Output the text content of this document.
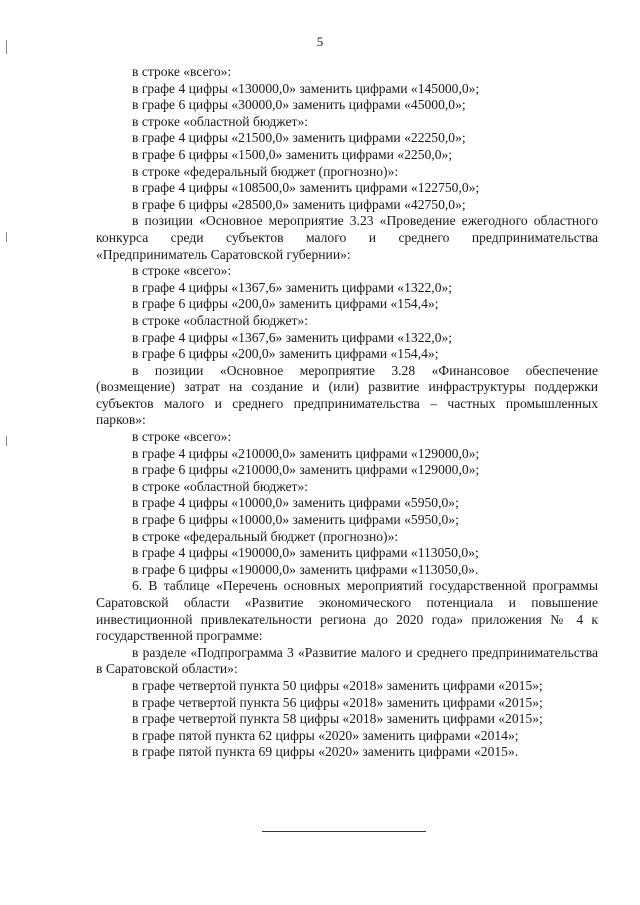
5

в строке «всего»:

в графе 4 цифры «130000,0» заменить цифрами «145000,0»;

в графе 6 цифры «30000,0» заменить цифрами «45000,0»;

в строке «областной бюджет»:

в графе 4 цифры «21500,0» заменить цифрами «22250,0»;

в графе 6 цифры «1500,0» заменить цифрами «2250,0»;

в строке «федеральный бюджет (прогнозно)»:

в графе 4 цифры «108500,0» заменить цифрами «122750,0»;

в графе 6 цифры «28500,0» заменить цифрами «42750,0»;

в позиции «Основное мероприятие 3.23 «Проведение ежегодного областного конкурса среди субъектов малого и среднего предпринимательства «Предприниматель Саратовской губернии»:

в строке «всего»:

в графе 4 цифры «1367,6» заменить цифрами «1322,0»;

в графе 6 цифры «200,0» заменить цифрами «154,4»;

в строке «областной бюджет»:

в графе 4 цифры «1367,6» заменить цифрами «1322,0»;

в графе 6 цифры «200,0» заменить цифрами «154,4»;

в позиции «Основное мероприятие 3.28 «Финансовое обеспечение (возмещение) затрат на создание и (или) развитие инфраструктуры поддержки субъектов малого и среднего предпринимательства – частных промышленных парков»:

в строке «всего»:

в графе 4 цифры «210000,0» заменить цифрами «129000,0»;

в графе 6 цифры «210000,0» заменить цифрами «129000,0»;

в строке «областной бюджет»:

в графе 4 цифры «10000,0» заменить цифрами «5950,0»;

в графе 6 цифры «10000,0» заменить цифрами «5950,0»;

в строке «федеральный бюджет (прогнозно)»:

в графе 4 цифры «190000,0» заменить цифрами «113050,0»;

в графе 6 цифры «190000,0» заменить цифрами «113050,0».

6. В таблице «Перечень основных мероприятий государственной программы Саратовской области «Развитие экономического потенциала и повышение инвестиционной привлекательности региона до 2020 года» приложения № 4 к государственной программе:

в разделе «Подпрограмма 3 «Развитие малого и среднего предпринимательства в Саратовской области»:

в графе четвертой пункта 50 цифры «2018» заменить цифрами «2015»;

в графе четвертой пункта 56 цифры «2018» заменить цифрами «2015»;

в графе четвертой пункта 58 цифры «2018» заменить цифрами «2015»;

в графе пятой пункта 62 цифры «2020» заменить цифрами «2014»;

в графе пятой пункта 69 цифры «2020» заменить цифрами «2015».
